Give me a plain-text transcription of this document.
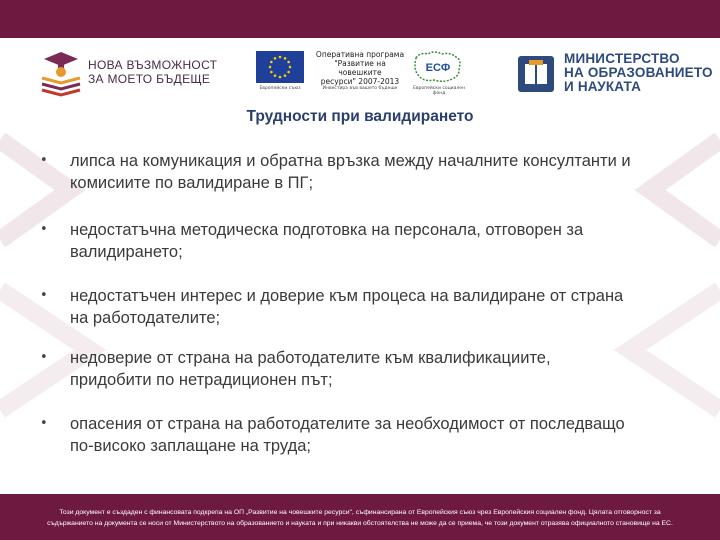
НОВА ВЪЗМОЖНОСТ
ЗА МОЕТО БЪДЕЩЕ
Европейски съюз
Оперативна програма
"Развитие на човешките
ресурси" 2007-2013
Инвестира във вашето бъдеще
ЕСФ
Европейски социален фонд
МИНИСТЕРСТВО
НА ОБРАЗОВАНИЕТО
И НАУКАТА
Трудности при валидирането
•	липса на комуникация и обратна връзка между началните консултанти и
комисиите по валидиране в ПГ;
•	недостатъчна методическа подготовка на персонала, отговорен за
валидирането;
•	недостатъчен интерес и доверие към процеса на валидиране от страна
на работодателите;
•	недоверие от страна на работодателите към квалификациите,
придобити по нетрадиционен път;
•	опасения от страна на работодателите за необходимост от последващо
по-високо заплащане на труда;
Този документ е създаден с финансовата подкрепа на ОП „Развитие на човешките ресурси", съфинансирана от Европейския съюз чрез Европейския социален фонд. Цялата отговорност за
съдържанието на документа се носи от Министерството на образованието и науката и при никакви обстоятелства не може да се приема, че този документ отразява официалното становище на ЕС.
